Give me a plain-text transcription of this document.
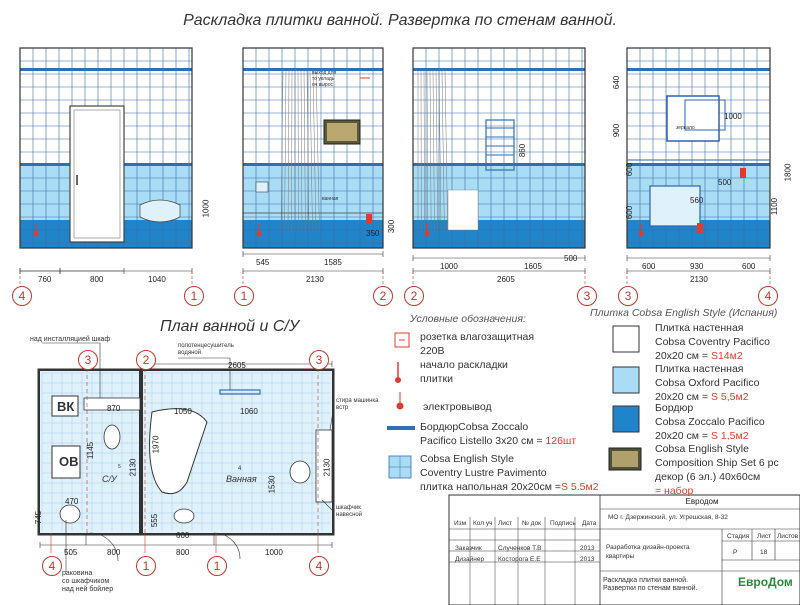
Раскладка плитки ванной. Развертка по стенам ванной.
План ванной и С/У
1000
760	800	1040
4	1
выход для
то укладь
оч вырос
ванная
350
300
545	1585
2130
1	2
860
1000	1605
500
2605
2	3
640
900
1000
1800
500
560	1100
600
600
зеркало
600	930	600
2130
3	4
над инсталляцией шкаф
полотенцесушитель
водяной
2605
ВК
ОВ
870	1050	1060
1145
5
С/У
2130
1970
4
Ванная 1530
2130
стира машинка
встр
шкафчик
навесной
470
745	555
600
505	800	800	1000
раковина
со шкафчиком
над ней бойлер
3	2	3
4	1	1	4
Условные обозначения:
розетка влагозащитная
220В
начало раскладки
плитки
электровывод
БордюрCobsa Zoccalo
Pacifico Listello 3x20 см = 126шт
Cobsa English Style
Coventry Lustre Pavimento
плитка напольная 20x20см =S 5.5м2
Плитка Cobsa English Style (Испания)
Плитка настенная
Cobsa Coventry Pacifico
20x20 см = S14м2
Плитка настенная
Cobsa Oxford Pacifico
20x20 см = S 5,5м2
Бордюр
Cobsa Zoccalo Pacifico
20x20 см = S 1,5м2
Cobsa English Style
Composition Ship Set 6 pc
декор (6 эл.) 40x60см
= набор
Евродом
МО г. Дзержинский, ул. Угрешская, 8-32
Изм Кол уч Лист № док Подпись Дата
Заказчик	Слученков Т.В	2013
Дизайнер Косторога Е.Е	2013
Разработка дизайн-проекта квартиры
Стадия Лист Листов
Р	18
Раскладка плитки ванной.
Развертки по стенам ванной.	ЕвроДом
